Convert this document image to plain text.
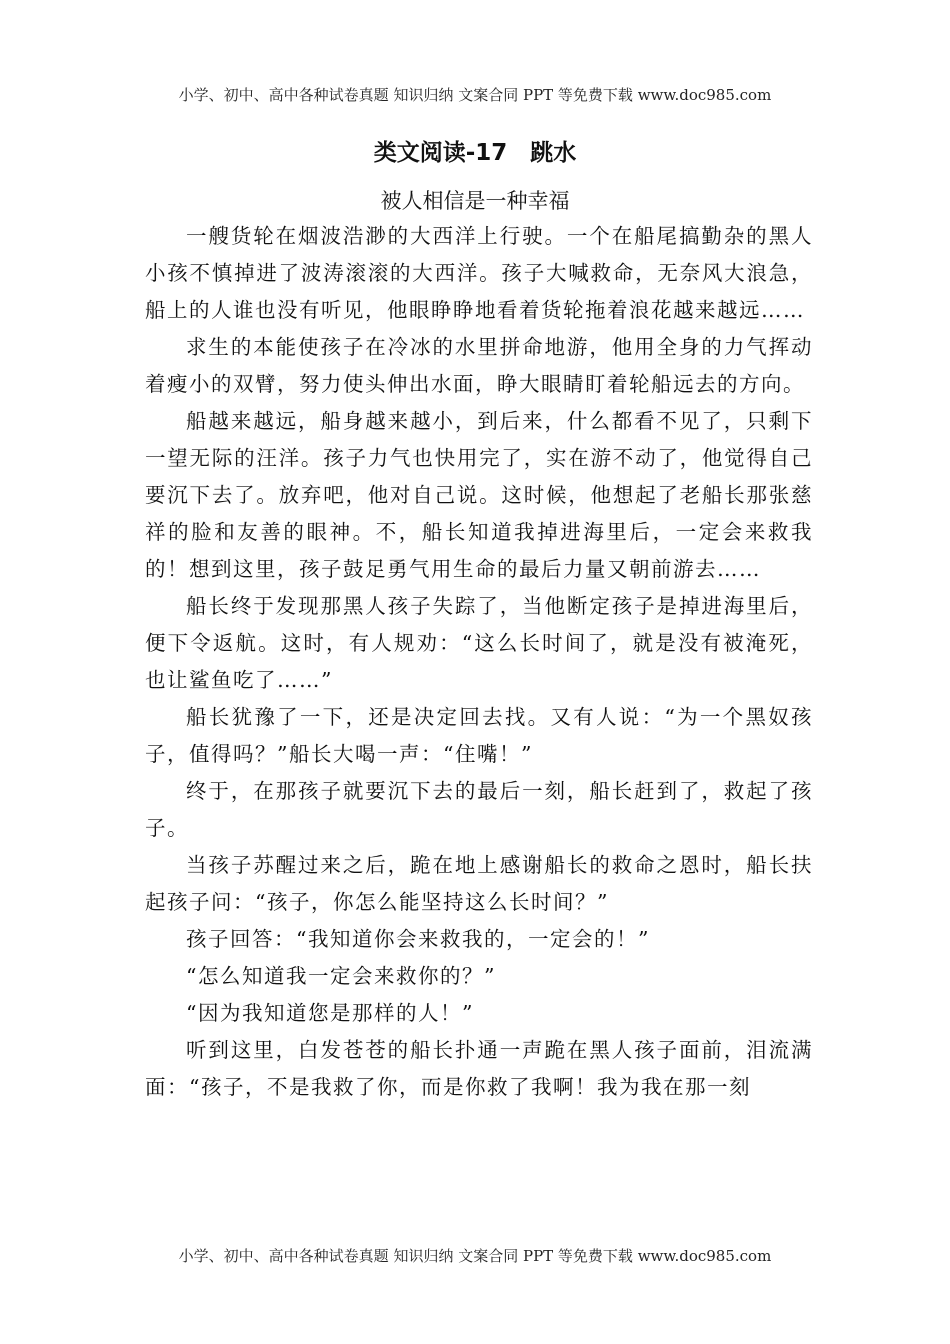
小学、初中、高中各种试卷真题 知识归纳 文案合同 PPT 等免费下载 www.doc985.com
类文阅读-17　跳水
被人相信是一种幸福

一艘货轮在烟波浩渺的大西洋上行驶。一个在船尾搞勤杂的黑人小孩不慎掉进了波涛滚滚的大西洋。孩子大喊救命，无奈风大浪急，船上的人谁也没有听见，他眼睁睁地看着货轮拖着浪花越来越远……

求生的本能使孩子在冷冰的水里拼命地游，他用全身的力气挥动着瘦小的双臂，努力使头伸出水面，睁大眼睛盯着轮船远去的方向。

船越来越远，船身越来越小，到后来，什么都看不见了，只剩下一望无际的汪洋。孩子力气也快用完了，实在游不动了，他觉得自己要沉下去了。放弃吧，他对自己说。这时候，他想起了老船长那张慈祥的脸和友善的眼神。不，船长知道我掉进海里后，一定会来救我的！想到这里，孩子鼓足勇气用生命的最后力量又朝前游去……

船长终于发现那黑人孩子失踪了，当他断定孩子是掉进海里后，便下令返航。这时，有人规劝：“这么长时间了，就是没有被淹死，也让鲨鱼吃了……”

船长犹豫了一下，还是决定回去找。又有人说：“为一个黑奴孩子，值得吗？”船长大喝一声：“住嘴！”

终于，在那孩子就要沉下去的最后一刻，船长赶到了，救起了孩子。

当孩子苏醒过来之后，跪在地上感谢船长的救命之恩时，船长扶起孩子问：“孩子，你怎么能坚持这么长时间？”

孩子回答：“我知道你会来救我的，一定会的！”

“怎么知道我一定会来救你的？”

“因为我知道您是那样的人！”

听到这里，白发苍苍的船长扑通一声跪在黑人孩子面前，泪流满面：“孩子，不是我救了你，而是你救了我啊！我为我在那一刻

小学、初中、高中各种试卷真题 知识归纳 文案合同 PPT 等免费下载 www.doc985.com
